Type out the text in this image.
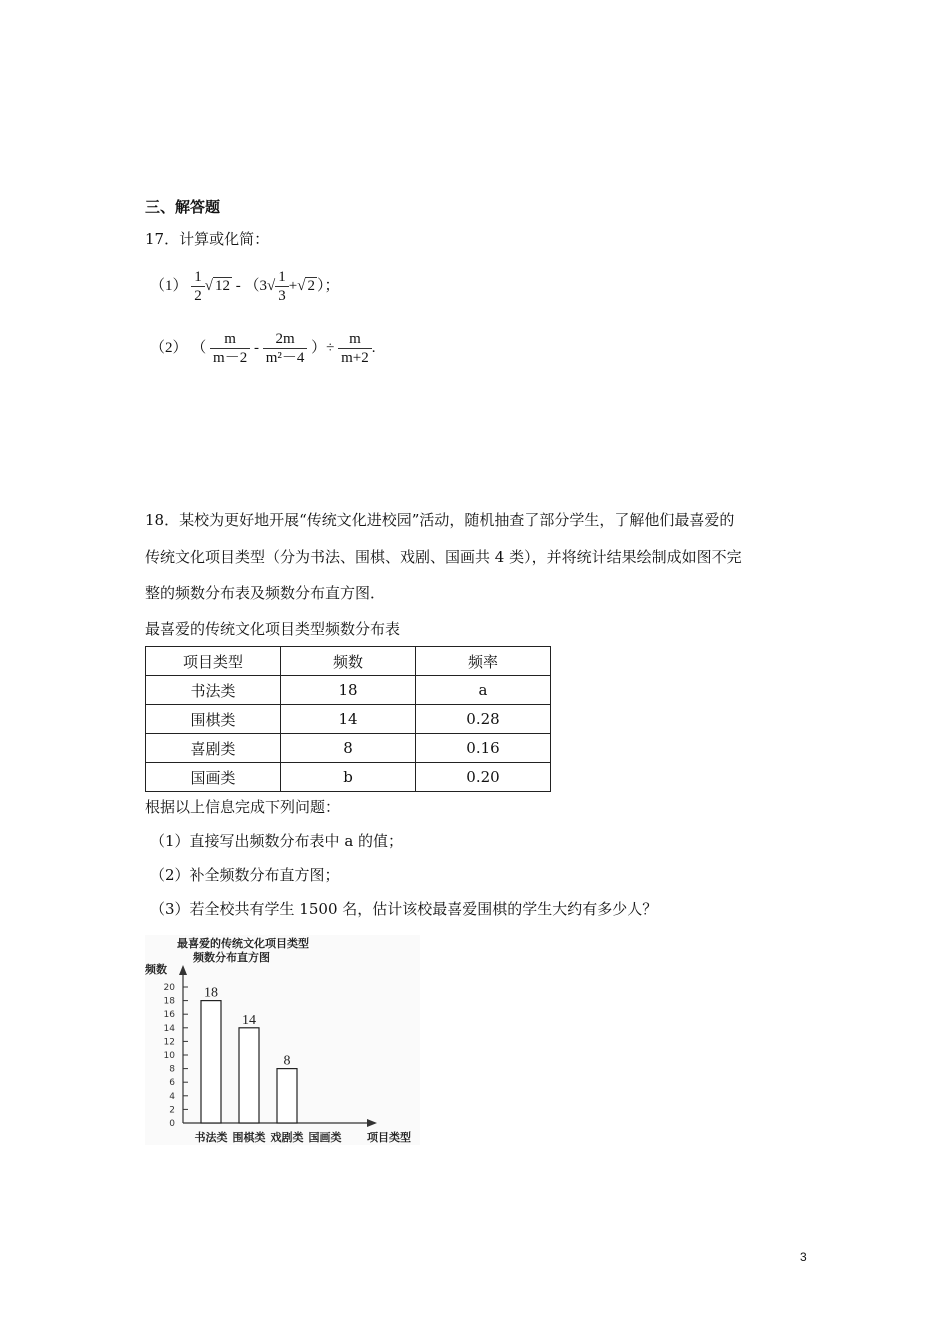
三、解答题
17．计算或化简：
$(1) \frac{1}{2}$ √ $12 - (3√ \frac{1}{3}$ +√ 2 ）；
（2） （ $\frac{m}{m-2} - \frac{2m}{\text{m²－4}}$ ）÷ $\frac{m}{m+2}$ .
18．某校为更好地开展“传统文化进校园”活动，随机抽查了部分学生，了解他们最喜爱的
传统文化项目类型（分为书法、围棋、戏剧、国画共 4 类），并将统计结果绘制成如图不完
整的频数分布表及频数分布直方图．
最喜爱的传统文化项目类型频数分布表
项目类型	频数	频率
书法类	18	a
围棋类	14	0.28
喜剧类	8	0.16
国画类	b	0.20
根据以上信息完成下列问题：
（1）直接写出频数分布表中 a 的值；
（2）补全频数分布直方图；
（3）若全校共有学生 1500 名，估计该校最喜爱围棋的学生大约有多少人？
最喜爱的传统文化项目类型
频数分布直方图
频数
项目类型
0
2
4
6
8
10
12
14
16
18
20 18
书法类
14
围棋类
8
戏剧类 国画类
3
